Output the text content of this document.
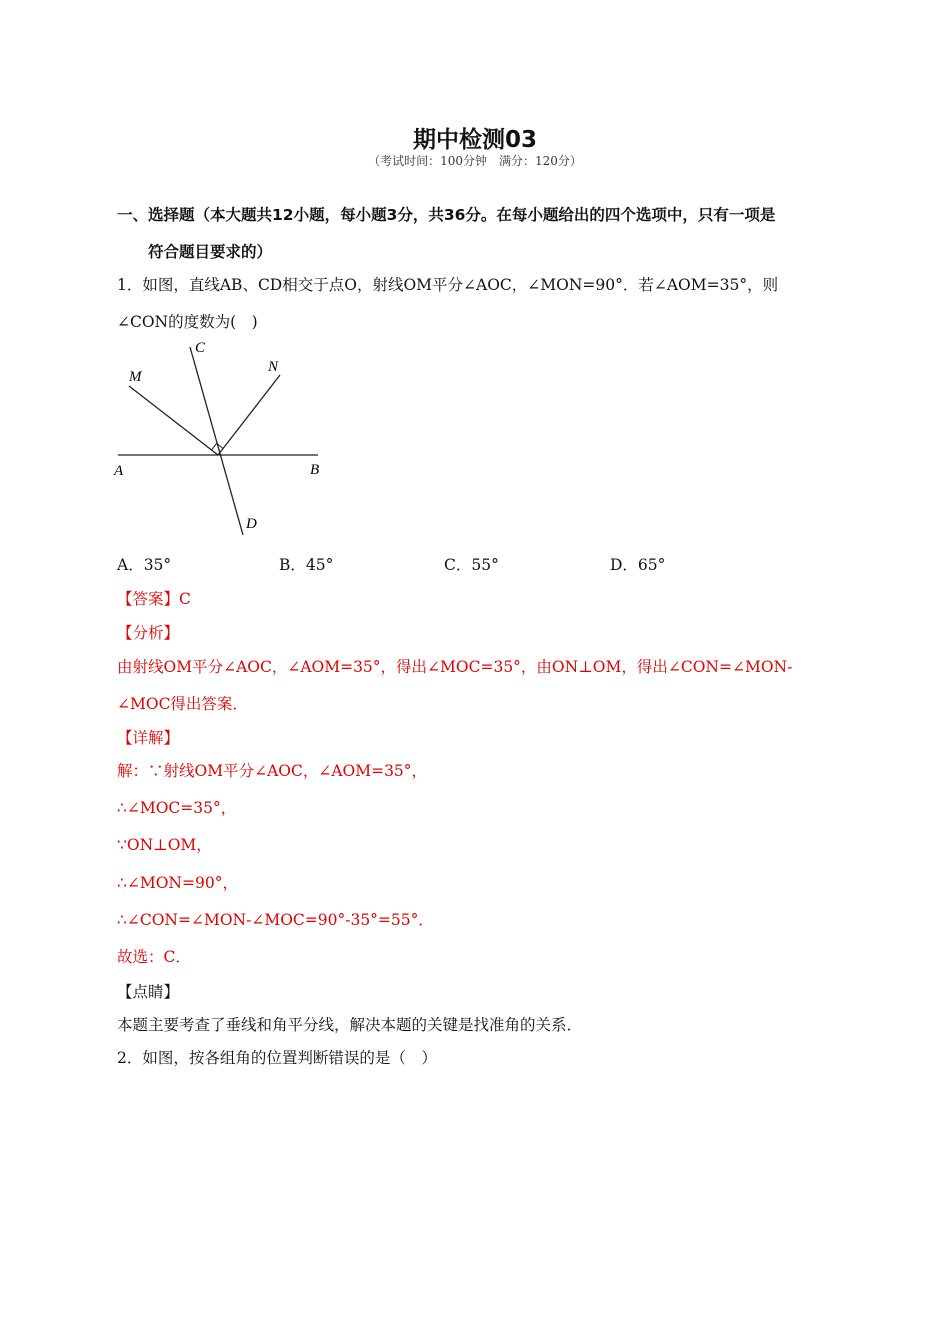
期中检测03
（考试时间：100分钟　满分：120分）
一、选择题（本大题共12小题，每小题3分，共36分。在每小题给出的四个选项中，只有一项是
符合题目要求的）
1．如图，直线AB、CD相交于点O，射线OM平分∠AOC，∠MON=90°．若∠AOM=35°，则
∠CON的度数为(　)
C
N
M
A	B
D
A．35°	B．45°	C．55°	D．65°
【答案】C
【分析】
由射线OM平分∠AOC，∠AOM=35°，得出∠MOC=35°，由ON⊥OM，得出∠CON=∠MON-
∠MOC得出答案．
【详解】
解：∵射线OM平分∠AOC，∠AOM=35°，
∴∠MOC=35°，
∵ON⊥OM，
∴∠MON=90°，
∴∠CON=∠MON-∠MOC=90°-35°=55°．
故选：C．
【点睛】
本题主要考查了垂线和角平分线，解决本题的关键是找准角的关系．
2．如图，按各组角的位置判断错误的是（　）
